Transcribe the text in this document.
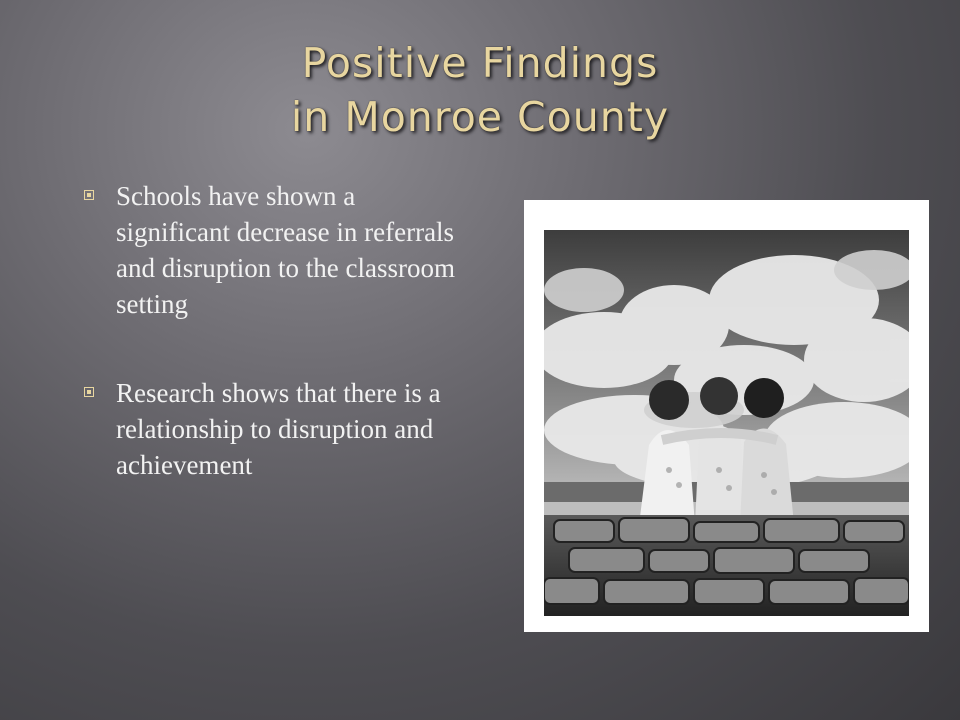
Positive Findings
in Monroe County
Schools have shown a significant decrease in referrals and disruption to the classroom setting
Research shows that there is a relationship to disruption and achievement
